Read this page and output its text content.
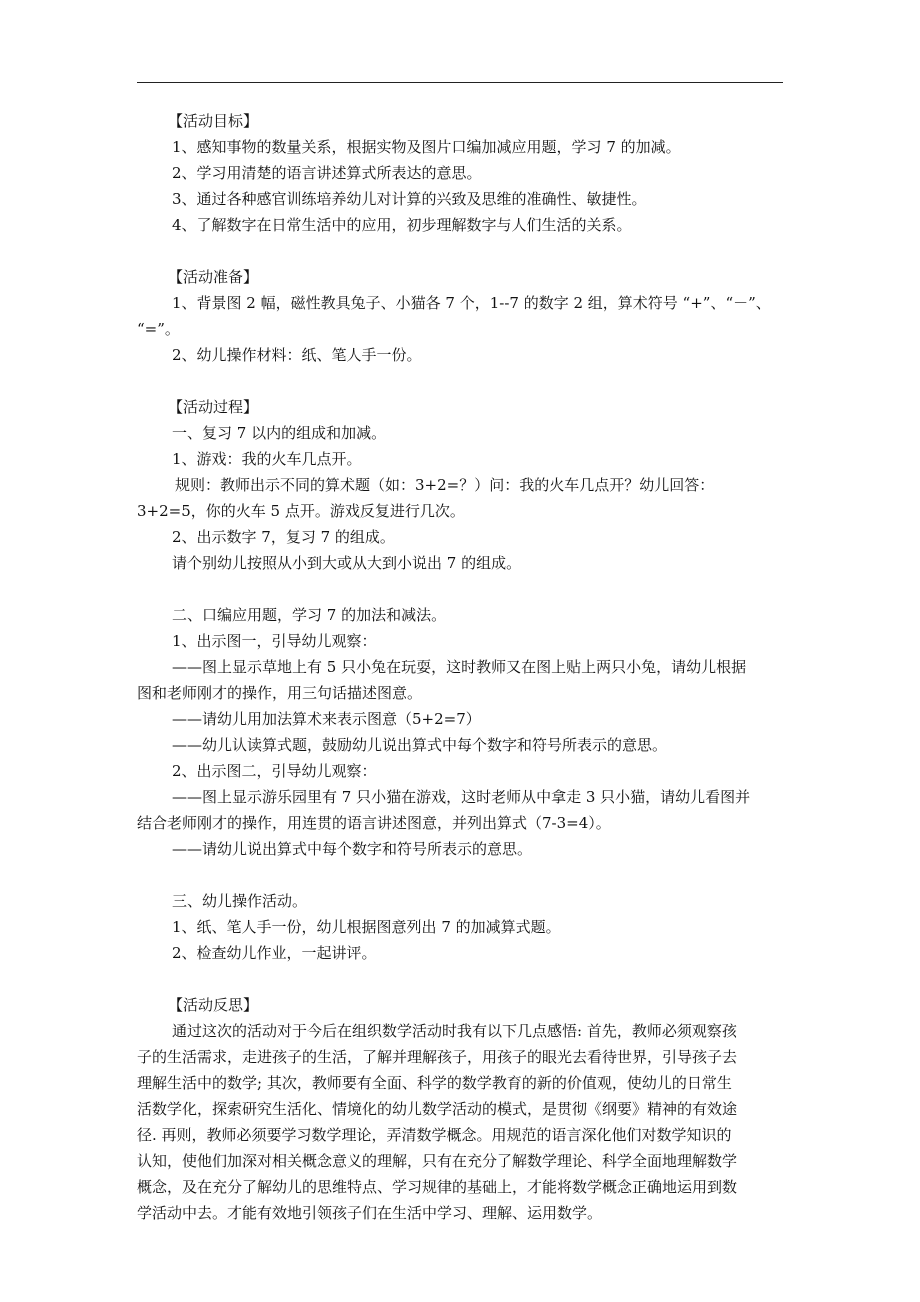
【活动目标】
1、感知事物的数量关系，根据实物及图片口编加减应用题，学习 7 的加减。
2、学习用清楚的语言讲述算式所表达的意思。
3、通过各种感官训练培养幼儿对计算的兴致及思维的准确性、敏捷性。
4、了解数字在日常生活中的应用，初步理解数字与人们生活的关系。
【活动准备】
1、背景图 2 幅，磁性教具兔子、小猫各 7 个，1--7 的数字 2 组，算术符号 “+”、“－”、
“=”。
2、幼儿操作材料：纸、笔人手一份。
【活动过程】
一、复习 7 以内的组成和加减。
1、游戏：我的火车几点开。
规则：教师出示不同的算术题（如：3+2=？）问：我的火车几点开？幼儿回答：
3+2=5，你的火车 5 点开。游戏反复进行几次。
2、出示数字 7，复习 7 的组成。
请个别幼儿按照从小到大或从大到小说出 7 的组成。
二、口编应用题，学习 7 的加法和减法。
1、出示图一，引导幼儿观察：
——图上显示草地上有 5 只小兔在玩耍，这时教师又在图上贴上两只小兔，请幼儿根据
图和老师刚才的操作，用三句话描述图意。
——请幼儿用加法算术来表示图意（5+2=7）
——幼儿认读算式题，鼓励幼儿说出算式中每个数字和符号所表示的意思。
2、出示图二，引导幼儿观察：
——图上显示游乐园里有 7 只小猫在游戏，这时老师从中拿走 3 只小猫，请幼儿看图并
结合老师刚才的操作，用连贯的语言讲述图意，并列出算式（7-3=4）。
——请幼儿说出算式中每个数字和符号所表示的意思。
三、幼儿操作活动。
1、纸、笔人手一份，幼儿根据图意列出 7 的加减算式题。
2、检查幼儿作业，一起讲评。
【活动反思】
通过这次的活动对于今后在组织数学活动时我有以下几点感悟: 首先，教师必须观察孩
子的生活需求，走进孩子的生活，了解并理解孩子，用孩子的眼光去看待世界，引导孩子去
理解生活中的数学; 其次，教师要有全面、科学的数学教育的新的价值观，使幼儿的日常生
活数学化，探索研究生活化、情境化的幼儿数学活动的模式，是贯彻《纲要》精神的有效途
径. 再则，教师必须要学习数学理论，弄清数学概念。用规范的语言深化他们对数学知识的
认知，使他们加深对相关概念意义的理解，只有在充分了解数学理论、科学全面地理解数学
概念，及在充分了解幼儿的思维特点、学习规律的基础上，才能将数学概念正确地运用到数
学活动中去。才能有效地引领孩子们在生活中学习、理解、运用数学。
